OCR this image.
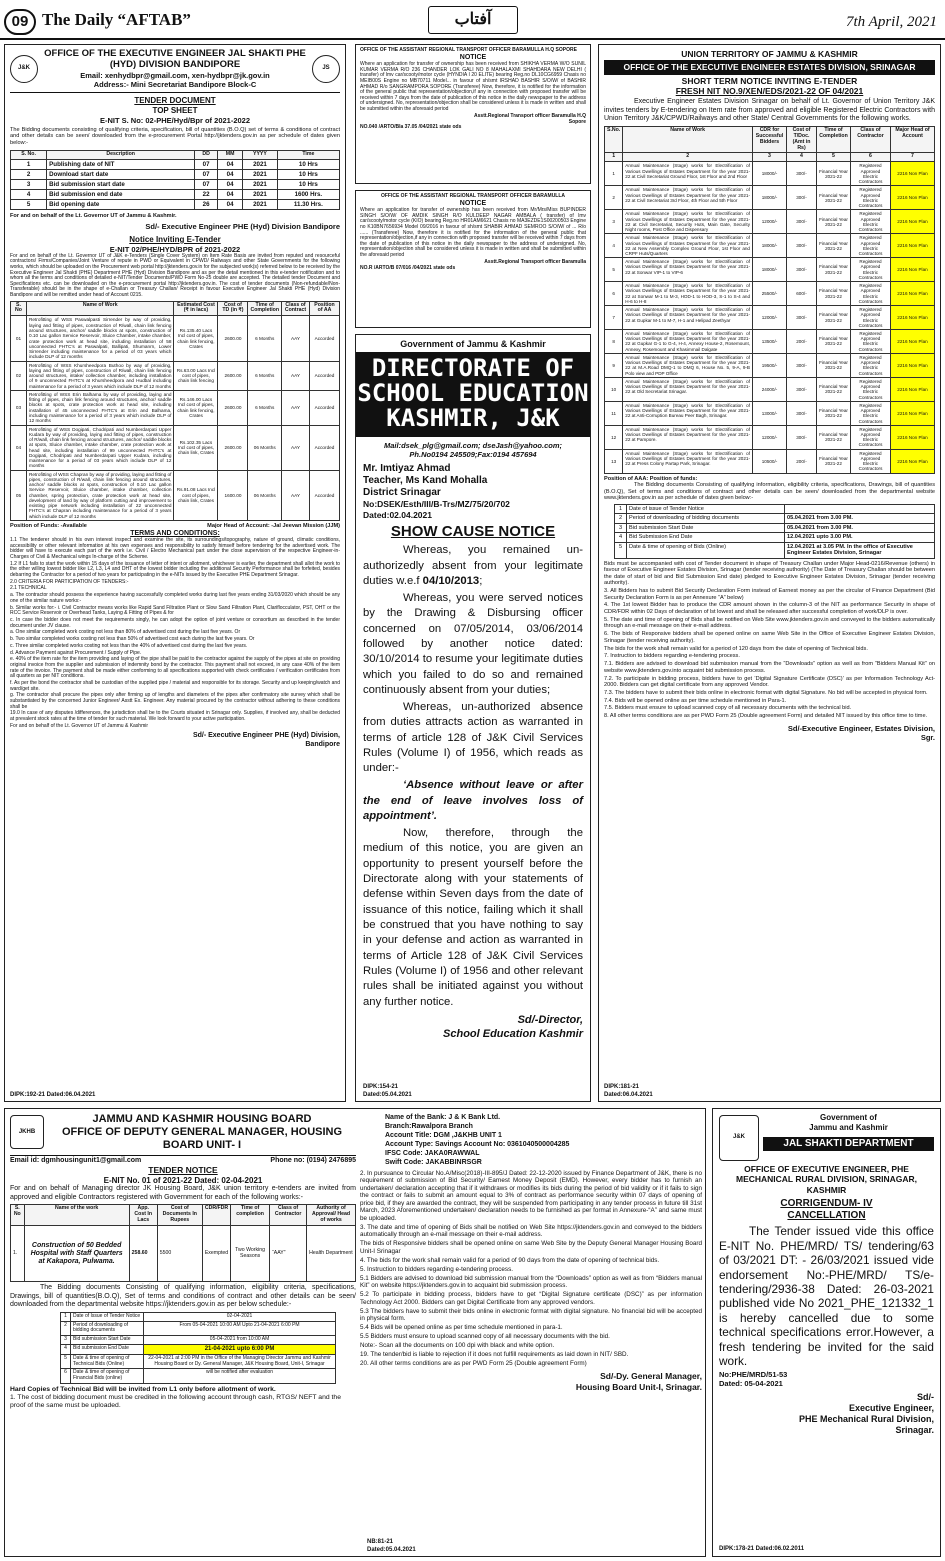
09 The Daily “AFTAB”	آفتاب	7th April, 2021
J&K
OFFICE OF THE EXECUTIVE ENGINEER JAL SHAKTI PHE (HYD) DIVISION BANDIPORE
Email: xenhydbpr@gmail.com, xen-hydbpr@jk.gov.in
Address:- Mini Secretariat Bandipore Block-C
JS
TENDER DOCUMENT
TOP SHEET
E-NIT S. No: 02-PHE/Hyd/Bpr of 2021-2022

The Bidding documents consisting of qualifying criteria, specification, bill of quantities (B.O.Q) set of terms & conditions of contract and other details can be seen/ downloaded from the e-procurement Portal http://jktenders.gov.in as per schedule of dates given below:-

S. No.	Description	DD	MM	YYYY	Time
1	Publishing date of NIT	07	04	2021	10 Hrs
2	Download start date	07	04	2021	10 Hrs
3	Bid submission start date	07	04	2021	10 Hrs
4	Bid submission end date	22	04	2021	1600 Hrs.
5	Bid opening date	26	04	2021	11.30 Hrs.
For and on behalf of the Lt. Governor UT of Jammu & Kashmir.
Sd/- Executive Engineer PHE (Hyd) Division Bandipore
Notice Inviting E-Tender
E-NIT 02/PHE/HYD/BPR of 2021-2022

For and on behalf of the Lt. Governor UT of J&K e-Tenders (Single Cover System) on Item Rate Basis are invited from reputed and resourceful contractors/ Firms/Companies/Joint Venture of repute in PWD or Equivalent in CPWD/ Railways and other State Governments for the following works, which should be uploaded on the Procurement web portal http://jktenders.gov.in for the subjected work(s) referred below to be received by the Executive Engineer Jal Shakti (PHE) Department PHE (Hyd) Division Bandipore and as per the detail mentioned in this e-tender notification and to whom all the terms and conditions of detailed e-NIT/Tender Documents/PWD Form No-25 double are accepted. The detailed tender Document and Specifications etc. can be downloaded on the e-procurement portal http://jktenders.gov.in. The cost of tender documents (Non-refundable/Non-Transferable) should be in the shape of e-Challan or Treasury Challan/ Receipt in favour Executive Engineer Jal Shakti PHE (Hyd) Division Bandipore and will be remitted under head of Account 0215.

S. No	Name of Work	Estimated Cost (₹ in lacs)	Cost of TD (in ₹)	Time of Completion	Class of Contract	Position of AA
01	Retrofitting of WSS Paswalpasti Sirrender by way of providing, laying and fitting of pipes, construction of R/wall, chain link fencing around structures, anchor/ saddle blocks at spots, construction of 0.10 Lac gallon Service Reservoir, Sluice Chamber, intake chamber, crate protection work at head site, including installation of 58 unconnected FHTC's at Paswalpati, Ballipati, Shumanrn, Lower Sirrender including maintenance for a period of 03 years which include DLP of 12 months	Rs.135.40 Lacs Incl cost of pipes, chain link fencing, Crates	2600.00	6 Months	AAY	Accorded
02	Retrofitting of WSS Khursheedpora Buthoo by way of providing, laying and fitting of pipes, construction of R/wall, chain link fencing around structures, intake/ collection chamber, including installation of 9 unconnected FHTC's at Khursheedpora and Hudbal including maintenance for a period of 3 years which include DLP of 12 months	Rs.63.00 Lacs Incl cost of pipes, chain link fencing	2600.00	6 Months	AAY	Accorded
03	Retrofitting of WSS Erin Balhama by way of providing, laying and fitting of pipes, chain link fencing around structures, anchor/ saddle blocks at spots, crate protection work at head site, including installation of 45 unconnected FHTC's at Erin and Balhama, including maintenance for a period of 3 years which include DLP of 12 months	Rs.146.00 Lacs Incl cost of pipes, chain link fencing, Crates	2600.00	6 Months	AAY	Accorded
04	Retrofitting of WSS Dogipati, Chodripati and Numberdarpati Upper Kudara by way of providing, laying and fitting of pipes, construction of R/wall, chain link fencing around structures, anchor/ saddle blocks at spots, Sluice chamber, intake chamber, crate protection work at head site, including installation of 99 unconnected FHTC's at Dogipati, Chodripati and Numberdarpati Upper Kudara, including maintenance for a period of 03 years which include DLP of 12 months	Rs.102.35 Lacs Incl cost of pipes, chain link, Crates	2600.00	06 Months	AAY	Accorded
05	Retrofitting of WSS Chapran by way of providing, laying and fitting of pipes, construction of R/wall, chain link fencing around structures, anchor/ saddle blocks at spots, construction of 0.10 Lac gallon Service Reservoir, Sluice chamber, intake chamber, collection chamber, spring protection, crate protection work at head site, development of land by way of platform cutting and improvement to existing pipe network including installation of 22 unconnected FHTC's at Chapran including maintenance for a period of 3 years which include DLP of 12 months	Rs.91.08 Lacs Incl cost of pipes, chain link, Crates	1600.00	06 Months	AAY	Accorded
Position of Funds: -Available	Major Head of Account: -Jal Jeevan Mission (JJM)
TERMS AND CONDITIONS:
1.1 The tenderer should in his own interest inspect and examine the site, its surroundings/topography, nature of ground, climatic conditions, accessibility or other relevant information at his own expenses and responsibility to satisfy himself before tendering for the advertised work. The bidder will have to execute each part of the work i.e. Civil / Electro Mechanical part under the close supervision of the respective Engineer-in-Charges of Civil & Mechanical wings In-charge of the Scheme.
1.2 If L1 fails to start the work within 15 days of the issuance of letter of intent or allotment, whichever is earlier, the department shall allot the work to the other willing lowest bidder like L2, L3, L4 and DHT of the lowest bidder including the additional Security Performance shall be forfeited, besides debarring the Contractor for a period of two years for participating in the e-NITs issued by the Executive PHE Department Srinagar.
2.0 CRITERIA FOR PARTICIPATION OF TENDERS:-
2.1 TECHNICAL
a. The contractor should possess the experience having successfully completed works during last five years ending 31/03/2020 which should be any one of the similar nature works:-
b. Similar works for:- i. Civil Contractor means works like Rapid Sand Filtration Plant or Slow Sand Filtration Plant, Clariflocculator, PST, OHT or the RCC Service Reservoir or Overhead Tanks, Laying & Fitting of Pipes & for
c. In case the bidder does not meet the requirements singly, he can adopt the option of joint venture or consortium as described in the tender document under JV clause.
a. One similar completed work costing not less than 80% of advertised cost during the last five years. Or
b. Two similar completed works costing not less than 50% of advertised cost each during the last five years. Or
c. Three similar completed works costing not less than the 40% of advertised cost during the last five years.
d. Advance Payment against Procurement / Supply of Pipe.
e. 40% of the item rate for the item providing and laying of the pipe shall be paid to the contractor against the supply of the pipes at site on providing original invoice from the supplier and submission of indemnity bond by the contractor. This payment shall not exceed, in any case 40% of the item rate of the invoice. The payment shall be made either conforming to all specifications supported with check certificates / verification certificates from all quarters as per NIT conditions.
f. As per the bond the contractor shall be custodian of the supplied pipe / material and responsible for its storage. Security and up keeping/watch and ward/get site.
g. The contractor shall procure the pipes only after firming up of lengths and diameters of the pipes after confirmatory site survey which shall be substantiated by the concerned Junior Engineer/ Asstt Ex. Engineer. Any material procured by the contractor without adhering to these conditions shall be
19.0 In case of any disputes /differences, the jurisdiction shall be to the Courts situated in Srinagar only. Supplies, if involved any, shall be deducted at prevalent stock rates at the time of tender for such material. We look forward to your active participation.
For and on behalf of the Lt. Governor UT of Jammu & Kashmir
Sd/- Executive Engineer PHE (Hyd) Division, Bandipore
DIPK:192-21 Dated:06.04.2021
OFFICE OF THE ASSISTANT REGIONAL TRANSPORT OFFICER BARAMULLA H.Q SOPORE
NOTICE

Where an application for transfer of ownership has been received from SHIKHA VERMA W/O SUNIL KUMAR VERMA R/O 236 CHANDER LOK GALI NO 8 MAHALAXMI SHAHDARA NEW DELHI ( transfer) of lmv car/scooty/motor cycle (HYNDIA I 20 ELITE) bearing Reg.no DL10CG6959 Chasis no MEIB00S Engine no MB70711 Model... in favour of sh/smt IRSHAD BASHIR S/O/W/ of BASHIR AHMAD R/o SANGRAMPORA SOPORE (Transferee) Now, therefore, it is notified for the information of the general public that representation/objection,if any in connection with proposed transfer will be received within 7 days from the date of publication of this notice in the daily newspaper to the address of undersigned. No, representation/objection shall be considered unless it is made in written and shall be submitted within the aforesaid period

Asstt.Regional Transport officer Baramulla H.Q Sopore
NO.040 /ARTO/Bla 37.05 /04/2021 state ods
OFFICE OF THE ASSISTANT REGIONAL TRANSPORT OFFICER BARAMULLA
NOTICE

Where an application for transfer of ownership has been received from Mr/Mrs/Miss BUPINDER SINGH S/O/W/ OF AMDIK SINGH R/O KULDEEP NAGAR AMBALA ( transfer) of lmv car/scooty/motor cycle (KIO) bearing Reg.no HR01AM6621 Chasis no MA3EZDE1S00200503 Engine no K10BN7656934 Model 09/2016 in favour of sh/smt SHABIR AHMAD SEMROO S/O/W/ of ... R/o ...... (Transferee) Now, therefore it is notified for the information of the general public that representation/objection,if any in connection with proposed transfer will be received within 7 days from the date of publication of this notice in the daily newspaper to the address of undersigned. No, representation/objection shall be considered unless it is made in written and shall be submitted within the aforesaid period

Asstt.Regional Transport officer Baramulla
NO.R /ARTO/B 07/016 /04/2021 state ods
Government of Jammu & Kashmir
DIRECTORATE OF
SCHOOL EDUCATION
KASHMIR, J&K
Mail:dsek_plg@gmail.com; dseJash@yahoo.com;
Ph.No0194 245509;Fax:0194 457694
Mr. Imtiyaz Ahmad
Teacher, Ms Kand Mohalla
District Srinagar
No:DSEK/Esth/III/B-Trs/MZ/75/20/702
Dated:02.04.2021
SHOW CAUSE NOTICE

Whereas, you remained un-authorizedly absent from your legitimate duties w.e.f 04/10/2013;

Whereas, you were served notices by the Drawing & Disbursing officer concerned on 07/05/2014, 03/06/2014 followed by another notice dated: 30/10/2014 to resume your legitimate duties which you failed to do so and remained continuously absent from your duties;

Whereas, un-authorized absence from duties attracts action as warranted in terms of article 128 of J&K Civil Services Rules (Volume I) of 1956, which reads as under:-

‘Absence without leave or after the end of leave involves loss of appointment’.

Now, therefore, through the medium of this notice, you are given an opportunity to present yourself before the Directorate along with your statements of defense within Seven days from the date of issuance of this notice, failing which it shall be construed that you have nothing to say in your defense and action as warranted in terms of Article 128 of J&K Civil Services Rules (Volume I) of 1956 and other relevant rules shall be initiated against you without any further notice.

Sd/-Director,
School Education Kashmir
DIPK:154-21
Dated:05.04.2021
UNION TERRITORY OF JAMMU & KASHMIR
OFFICE OF THE EXECUTIVE ENGINEER ESTATES DIVISION, SRINAGAR
SHORT TERM NOTICE INVITING E-TENDER
FRESH NIT NO.9/XEN/EDS/2021-22 OF 04/2021

Executive Engineer Estates Division Srinagar on behalf of Lt. Governor of Union Territory J&K invites tenders by E-tendering on Item rate from approved and eligible Registered Electric Contractors with Union Territory J&K/CPWD/Railways and other State/ Central Governments for the following works.

S.No.	Name of Work	CDR for Successful Bidders	Cost of T/Doc. (Amt in Rs)	Time of Completion	Class of Contractor	Major Head of Account
1	2	3	4	5	6	7
1	Annual Maintenance (Stage) works for Electrification of Various Dwellings of Estates Department for the year 2021-22 at Civil Secretariat Ground Floor, 1st Floor and 2nd Floor	18000/-	300/-	Financial Year 2021-22	Registered Approved Electric Contractors	2216 Non Plan
2	Annual Maintenance (Stage) works for Electrification of Various Dwellings of Estates Department for the year 2021-22 at Civil Secretariat 3rd Floor, 4th Floor and 5th Floor	18000/-	300/-	Financial Year 2021-22	Registered Approved Electric Contractors	2216 Non Plan
3	Annual Maintenance (Stage) works for Electrification of Various Dwellings of Estates Department for the year 2021-22 at Civil Secretariat, Security Huts, Main Gate, Security Night rooms, Post Office and Dispensary	12000/-	300/-	Financial Year 2021-22	Registered Approved Electric Contractors	2216 Non Plan
4	Annual Maintenance (Stage) works for Electrification of Various Dwellings of Estates Department for the year 2021-22 at New Assembly Complex Ground Floor, 1st Floor and CRPF Huts/Quarters	18000/-	300/-	Financial Year 2021-22	Registered Approved Electric Contractors	2216 Non Plan
5	Annual Maintenance (Stage) works for Electrification of Various Dwellings of Estates Department for the year 2021-22 at Sonwar VIP-1 to VIP-6	18000/-	300/-	Financial Year 2021-22	Registered Approved Electric Contractors	2216 Non Plan
6	Annual Maintenance (Stage) works for Electrification of Various Dwellings of Estates Department for the year 2021-22 at Sonwar M-1 to M-3, HOD-1 to HOD-3, S-1 to S-4 and H-6 to H-8	25500/-	600/-	Financial Year 2021-22	Registered Approved Electric Contractors	2216 Non Plan
7	Annual Maintenance (Stage) works for Electrification of Various Dwellings of Estates Department for the year 2021-22 at Gupkar M-1 to M-7, H-1 and Helipad Zeethyar	12000/-	300/-	Financial Year 2021-22	Registered Approved Electric Contractors	2216 Non Plan
8	Annual Maintenance (Stage) works for Electrification of Various Dwellings of Estates Department for the year 2021-22 at Gupkar G-1 to G-4, H-4, Annexy House-2, Rosemount, Annexy, Rosemount and Khasimmail Dalgate	13500/-	200/-	Financial Year 2021-22	Registered Approved Electric Contractors	2216 Non Plan
9	Annual Maintenance (Stage) works for Electrification of Various Dwellings of Estates Department for the year 2021-22 at M.A.Road DMQ-1 to DMQ 6, House No. 5, 9-A, 9-B Polo view and PDP Office	19500/-	300/-	Financial Year 2021-22	Registered Approved Electric Contractors	2216 Non Plan
10	Annual Maintenance (Stage) works for Electrification of Various Dwellings of Estates Department for the year 2021-22 at Old Secretariat Srinagar.	24000/-	300/-	Financial Year 2021-22	Registered Approved Electric Contractors	2216 Non Plan
11	Annual Maintenance (Stage) works for Electrification of Various Dwellings of Estates Department for the year 2021-22 at Anti-Corruption Bureau Peer Bagh, Srinagar.	13000/-	300/-	Financial Year 2021-22	Registered Approved Electric Contractors	2216 Non Plan
12	Annual Maintenance (Stage) works for Electrification of Various Dwellings of Estates Department for the year 2021-22 at Pampore.	12000/-	300/-	Financial Year 2021-22	Registered Approved Electric Contractors	2216 Non Plan
13	Annual Maintenance (Stage) works for Electrification of Various Dwellings of Estates Department for the year 2021-22 at Press Colony Partap Park, Srinagar.	10500/-	200/-	Financial Year 2021-22	Registered Approved Electric Contractors	2216 Non Plan
Position of AAA: Position of funds:

The Bidding documents Consisting of qualifying information, eligibility criteria, specifications, Drawings, bill of quantities (B.O.Q), Set of terms and conditions of contract and other details can be seen/ downloaded from the departmental website www.jktenders.gov.in as per schedule of dates given below:-

1	Date of issue of Tender Notice	
2	Period of downloading of bidding documents	05.04.2021 from 3.00 PM.
3	Bid submission Start Date	05.04.2021 from 3.00 PM.
4	Bid Submission End Date	12.04.2021 upto 3.00 PM.
5	Date & time of opening of Bids (Online)	12.04.2021 at 3.05 PM. In the office of Executive Engineer Estates Division, Srinagar
Bids must be accompanied with cost of Tender document in shape of Treasury Challan under Major Head-0216/Revenue (others) in favour of Executive Engineer Estates Division, Srinagar (tender receiving authority) (The Date of Treasury Challan should be between the date of start of bid and Bid Submission End date) pledged to Executive Engineer Estates Division, Srinagar (tender receiving authority).
3. All Bidders has to submit Bid Security Declaration Form instead of Earnest money as per the circular of Finance Department (Bid Security Declaration Form is as per Annexure “A” below)
4. The 1st lowest Bidder has to produce the CDR amount shown in the column-3 of the NIT as performance Security in shape of CDR/FDR within 02 Days of declaration of lst lowest and shall be released after successful completion of work/DLP is over.
5. The date and time of opening of Bids shall be notified on Web Site www.jktenders.gov.in and conveyed to the bidders automatically through an e-mail message on their e-mail address.
6. The bids of Responsive bidders shall be opened online on same Web Site in the Office of Executive Engineer Estates Division, Srinagar (tender receiving authority).
The bids for the work shall remain valid for a period of 120 days from the date of opening of Technical bids.
7. Instruction to bidders regarding e-tendering process.
7.1. Bidders are advised to download bid submission manual from the “Downloads” option as well as from “Bidders Manual Kit” on website www.jktenders.gov.into acquaint bid submission process.
7.2. To participate in bidding process, bidders have to get ‘Digital Signature Certificate (DSC)’ as per Information Technology Act-2000. Bidders can get digital certificate from any approved Vendor.
7.3. The bidders have to submit their bids online in electronic format with digital Signature. No bid will be accepted in physical form.
7.4. Bids will be opened online as per time schedule mentioned in Para-1.
7.5. Bidders must ensure to upload scanned copy of all necessary documents with the technical bid.
8. All other terms conditions are as per PWD Form 25 (Double agreement Form) and detailed NIT issued by this office time to time.
Sd/-Executive Engineer, Estates Division, Sgr.
DIPK:181-21
Dated:06.04.2021
JKHB
JAMMU AND KASHMIR HOUSING BOARD
OFFICE OF DEPUTY GENERAL MANAGER, HOUSING BOARD UNIT- I
Email id: dgmhousingunit1@gmail.com	Phone no: (0194) 2476895
TENDER NOTICE
E-NIT No. 01 of 2021-22 Dated: 02-04-2021

For and on behalf of Managing director JK Housing Board, J&K union territory e-tenders are invited from approved and eligible Contractors registered with Government for each of the following works:-

S. No	Name of the work	App. Cost In Lacs	Cost of Documents In Rupees	CDR/FDR	Time of completion	Class of Contractor	Authority of Approval/ Head of works
1.	Construction of 50 Bedded Hospital with Staff Quarters at Kakapora, Pulwama.	258.60	5500	Exempted	Two Working Seasons	“AAY”	Health Department

The Bidding documents Consisting of qualifying information, eligibility criteria, specifications, Drawings, bill of quantities(B.O.Q), Set of terms and conditions of contract and other details can be seen/ downloaded from the departmental website https://jktenders.gov.in as per below schedule:-

1	Date of Issue of Tender Notice	02-04-2021
2	Period of downloading of bidding documents	From 05-04-2021 10:00 AM Upto 21-04-2021 6:00 PM
3	Bid submission Start Date	05-04-2021 from 10:00 AM
4	Bid submission End Date	21-04-2021 upto 6:00 PM
5	Date & time of opening of Technical Bids (Online)	22-04-2021 at 2:00 PM in the Office of the Managing Director Jammu and Kashmir Housing Board or Dy. General Manager, J&K Housing Board, Unit-I, Srinagar
6	Date & time of opening of Financial Bids (online)	will be notified after evaluation
Hard Copies of Technical Bid will be invited from L1 only before allotment of work.
1. The cost of bidding document must be credited in the following account through cash, RTGS/ NEFT and the proof of the same must be uploaded.
Name of the Bank: J & K Bank Ltd.
Branch:Rawalpora Branch
Account Title: DGM ,J&KHB UNIT 1
Account Type: Savings Account No: 0361040500004285
IFSC Code: JAKA0RAWWAL
Swift Code: JAKABBINRSGR
2. In pursuance to Circular No.A/Misc(2018)-III-895/J Dated: 22-12-2020 issued by Finance Department of J&K, there is no requirement of submission of Bid Security/ Earnest Money Deposit (EMD). However, every bidder has to furnish an undertaken/ declaration accepting that if it withdraws or modifies its bids during the period of bid validity or if it fails to sign the contract or fails to submit an amount equal to 3% of contract as performance security within 07 days of opening of price bid, if they are awarded the contract, they will be suspended from participating in any tender process in future till 31st March, 2023 Aforementioned undertaken/ declaration needs to be furnished as per format in Annexure-“A” and same must be uploaded.
3. The date and time of opening of Bids shall be notified on Web Site https://jktenders.gov.in and conveyed to the bidders automatically through an e-mail message on their e-mail address.
The bids of Responsive bidders shall be opened online on same Web Site by the Deputy General Manager Housing Board Unit-I Srinagar
4. The bids for the work shall remain valid for a period of 90 days from the date of opening of technical bids.
5. Instruction to bidders regarding e-tendering process.
5.1 Bidders are advised to download bid submission manual from the “Downloads” option as well as from “Bidders manual Kit” on website https://jktenders.gov.in to acquaint bid submission process.
5.2 To participate in bidding process, bidders have to get “Digital Signature certificate (DSC)” as per information Technology Act 2000. Bidders can get Digital Certificate from any approved vendors.
5.3 The bidders have to submit their bids online in electronic format with digital signature. No financial bid will be accepted in physical form.
5.4 Bids will be opened online as per time schedule mentioned in para-1.
5.5 Bidders must ensure to upload scanned copy of all necessary documents with the bid.
Note:- Scan all the documents on 100 dpi with black and white option.
19. The tender/bid is liable to rejection if it does not fulfill requirements as laid down in NIT/ SBD.
20. All other terms conditions are as per PWD Form 25 (Double agreement Form)
Sd/-Dy. General Manager,
Housing Board Unit-I, Srinagar.
NB:81-21
Dated:05.04.2021
J&K
Government of
Jammu and Kashmir
JAL SHAKTI DEPARTMENT
OFFICE OF EXECUTIVE ENGINEER, PHE MECHANICAL RURAL DIVISION, SRINAGAR, KASHMIR
CORRIGENDUM- IV
CANCELLATION

The Tender issued vide this office E-NIT No. PHE/MRD/ TS/ tendering/63 of 03/2021 DT: - 26/03/2021 issued vide endorsement No:-PHE/MRD/ TS/e-tendering/2936-38 Dated: 26-03-2021 published vide No 2021_PHE_121332_1 is hereby cancelled due to some technical specifications error.However, a fresh tendering be invited for the said work.

No:PHE/MRD/51-53
Dated: 05-04-2021
Sd/-
Executive Engineer,
PHE Mechanical Rural Division,
Srinagar.
DIPK:178-21 Dated:06.02.2011
